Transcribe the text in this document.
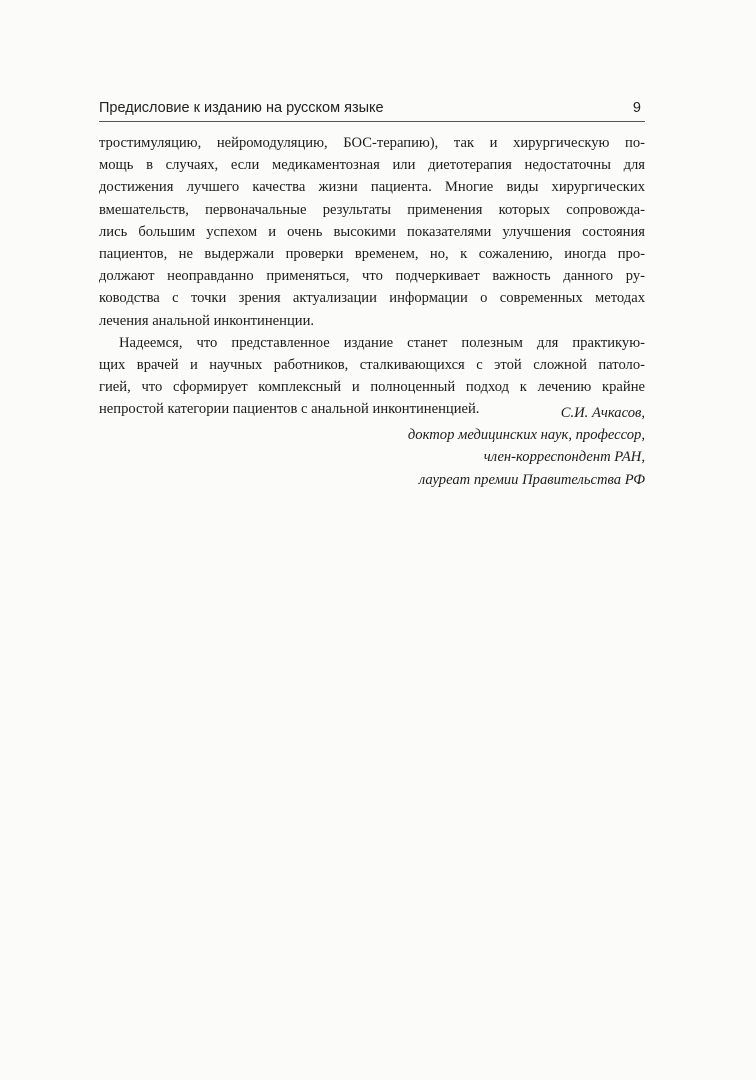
Предисловие к изданию на русском языке	9
тростимуляцию, нейромодуляцию, БОС-терапию), так и хирургическую по-
мощь в случаях, если медикаментозная или диетотерапия недостаточны для
достижения лучшего качества жизни пациента. Многие виды хирургических
вмешательств, первоначальные результаты применения которых сопровожда-
лись большим успехом и очень высокими показателями улучшения состояния
пациентов, не выдержали проверки временем, но, к сожалению, иногда про-
должают неоправданно применяться, что подчеркивает важность данного ру-
ководства с точки зрения актуализации информации о современных методах
лечения анальной инконтиненции.
Надеемся, что представленное издание станет полезным для практикую-
щих врачей и научных работников, сталкивающихся с этой сложной патоло-
гией, что сформирует комплексный и полноценный подход к лечению крайне
непростой категории пациентов с анальной инконтиненцией.	С.И. Ачкасов,
доктор медицинских наук, профессор,
член-корреспондент РАН,
лауреат премии Правительства РФ
